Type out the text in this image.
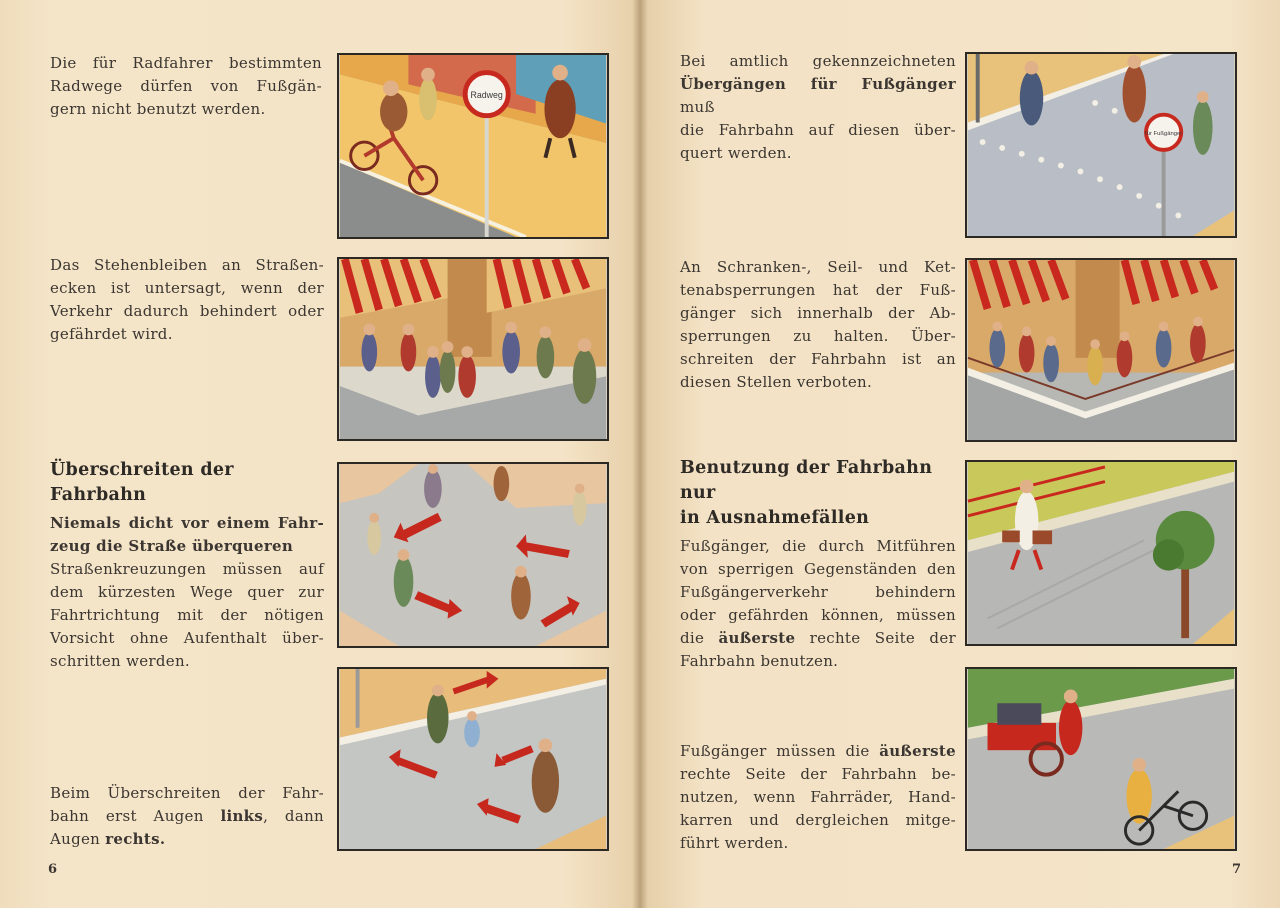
Die für Radfahrer bestimmten

Radwege dürfen von Fußgän-

gern nicht benutzt werden.

Das Stehenbleiben an Straßen-

ecken ist untersagt, wenn der

Verkehr dadurch behindert oder

gefährdet wird.

Überschreiten der Fahrbahn

Niemals dicht vor einem Fahr-

zeug die Straße überqueren

Straßenkreuzungen müssen auf

dem kürzesten Wege quer zur

Fahrtrichtung mit der nötigen

Vorsicht ohne Aufenthalt über-

schritten werden.

Beim Überschreiten der Fahr-

bahn erst Augen links, dann

Augen rechts.

6
Radweg

Bei amtlich gekennzeichneten

Übergängen für Fußgänger muß

die Fahrbahn auf diesen über-

quert werden.

An Schranken-, Seil- und Ket-

tenabsperrungen hat der Fuß-

gänger sich innerhalb der Ab-

sperrungen zu halten. Über-

schreiten der Fahrbahn ist an

diesen Stellen verboten.

Benutzung der Fahrbahn nur

in Ausnahmefällen

Fußgänger, die durch Mitführen

von sperrigen Gegenständen den

Fußgängerverkehr behindern

oder gefährden können, müssen

die äußerste rechte Seite der

Fahrbahn benutzen.

Fußgänger müssen die äußerste

rechte Seite der Fahrbahn be-

nutzen, wenn Fahrräder, Hand-

karren und dergleichen mitge-

führt werden.

7
für Fußgänger
